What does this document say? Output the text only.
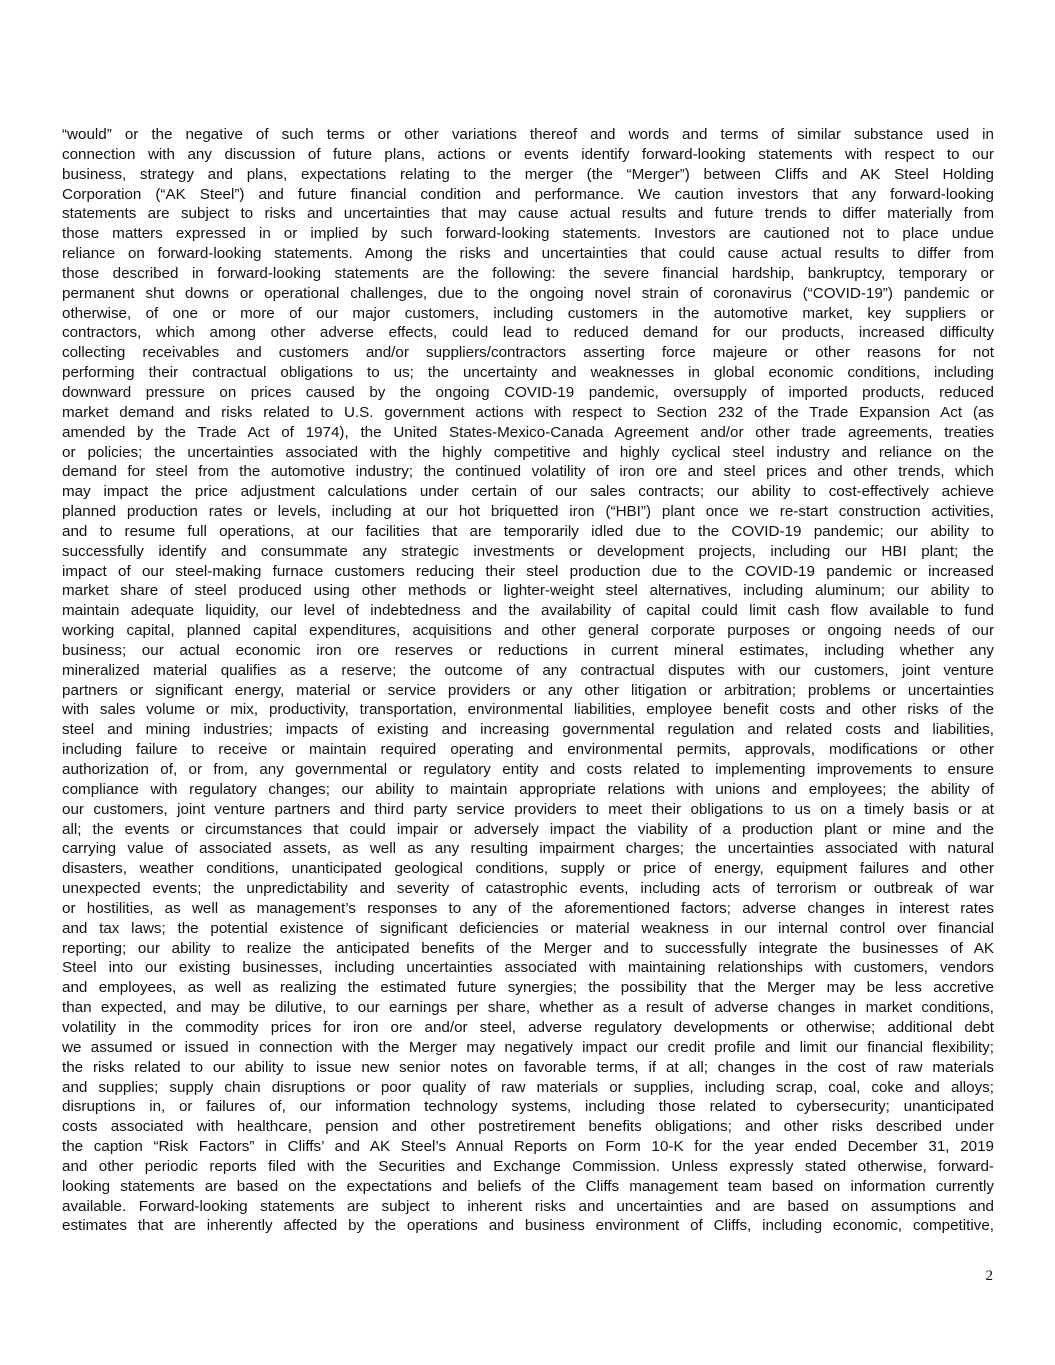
“would” or the negative of such terms or other variations thereof and words and terms of similar substance used in
connection with any discussion of future plans, actions or events identify forward-looking statements with respect to our
business, strategy and plans, expectations relating to the merger (the “Merger”) between Cliffs and AK Steel Holding
Corporation (“AK Steel”) and future financial condition and performance. We caution investors that any forward-looking
statements are subject to risks and uncertainties that may cause actual results and future trends to differ materially from
those matters expressed in or implied by such forward-looking statements. Investors are cautioned not to place undue
reliance on forward-looking statements. Among the risks and uncertainties that could cause actual results to differ from
those described in forward-looking statements are the following: the severe financial hardship, bankruptcy, temporary or
permanent shut downs or operational challenges, due to the ongoing novel strain of coronavirus (“COVID-19”) pandemic or
otherwise, of one or more of our major customers, including customers in the automotive market, key suppliers or
contractors, which among other adverse effects, could lead to reduced demand for our products, increased difficulty
collecting receivables and customers and/or suppliers/contractors asserting force majeure or other reasons for not
performing their contractual obligations to us; the uncertainty and weaknesses in global economic conditions, including
downward pressure on prices caused by the ongoing COVID-19 pandemic, oversupply of imported products, reduced
market demand and risks related to U.S. government actions with respect to Section 232 of the Trade Expansion Act (as
amended by the Trade Act of 1974), the United States-Mexico-Canada Agreement and/or other trade agreements, treaties
or policies; the uncertainties associated with the highly competitive and highly cyclical steel industry and reliance on the
demand for steel from the automotive industry; the continued volatility of iron ore and steel prices and other trends, which
may impact the price adjustment calculations under certain of our sales contracts; our ability to cost-effectively achieve
planned production rates or levels, including at our hot briquetted iron (“HBI”) plant once we re-start construction activities,
and to resume full operations, at our facilities that are temporarily idled due to the COVID-19 pandemic; our ability to
successfully identify and consummate any strategic investments or development projects, including our HBI plant; the
impact of our steel-making furnace customers reducing their steel production due to the COVID-19 pandemic or increased
market share of steel produced using other methods or lighter-weight steel alternatives, including aluminum; our ability to
maintain adequate liquidity, our level of indebtedness and the availability of capital could limit cash flow available to fund
working capital, planned capital expenditures, acquisitions and other general corporate purposes or ongoing needs of our
business; our actual economic iron ore reserves or reductions in current mineral estimates, including whether any
mineralized material qualifies as a reserve; the outcome of any contractual disputes with our customers, joint venture
partners or significant energy, material or service providers or any other litigation or arbitration; problems or uncertainties
with sales volume or mix, productivity, transportation, environmental liabilities, employee benefit costs and other risks of the
steel and mining industries; impacts of existing and increasing governmental regulation and related costs and liabilities,
including failure to receive or maintain required operating and environmental permits, approvals, modifications or other
authorization of, or from, any governmental or regulatory entity and costs related to implementing improvements to ensure
compliance with regulatory changes; our ability to maintain appropriate relations with unions and employees; the ability of
our customers, joint venture partners and third party service providers to meet their obligations to us on a timely basis or at
all; the events or circumstances that could impair or adversely impact the viability of a production plant or mine and the
carrying value of associated assets, as well as any resulting impairment charges; the uncertainties associated with natural
disasters, weather conditions, unanticipated geological conditions, supply or price of energy, equipment failures and other
unexpected events; the unpredictability and severity of catastrophic events, including acts of terrorism or outbreak of war
or hostilities, as well as management’s responses to any of the aforementioned factors; adverse changes in interest rates
and tax laws; the potential existence of significant deficiencies or material weakness in our internal control over financial
reporting; our ability to realize the anticipated benefits of the Merger and to successfully integrate the businesses of AK
Steel into our existing businesses, including uncertainties associated with maintaining relationships with customers, vendors
and employees, as well as realizing the estimated future synergies; the possibility that the Merger may be less accretive
than expected, and may be dilutive, to our earnings per share, whether as a result of adverse changes in market conditions,
volatility in the commodity prices for iron ore and/or steel, adverse regulatory developments or otherwise; additional debt
we assumed or issued in connection with the Merger may negatively impact our credit profile and limit our financial flexibility;
the risks related to our ability to issue new senior notes on favorable terms, if at all; changes in the cost of raw materials
and supplies; supply chain disruptions or poor quality of raw materials or supplies, including scrap, coal, coke and alloys;
disruptions in, or failures of, our information technology systems, including those related to cybersecurity; unanticipated
costs associated with healthcare, pension and other postretirement benefits obligations; and other risks described under
the caption “Risk Factors” in Cliffs’ and AK Steel’s Annual Reports on Form 10-K for the year ended December 31, 2019
and other periodic reports filed with the Securities and Exchange Commission. Unless expressly stated otherwise, forward-
looking statements are based on the expectations and beliefs of the Cliffs management team based on information currently
available. Forward-looking statements are subject to inherent risks and uncertainties and are based on assumptions and
estimates that are inherently affected by the operations and business environment of Cliffs, including economic, competitive,
2
